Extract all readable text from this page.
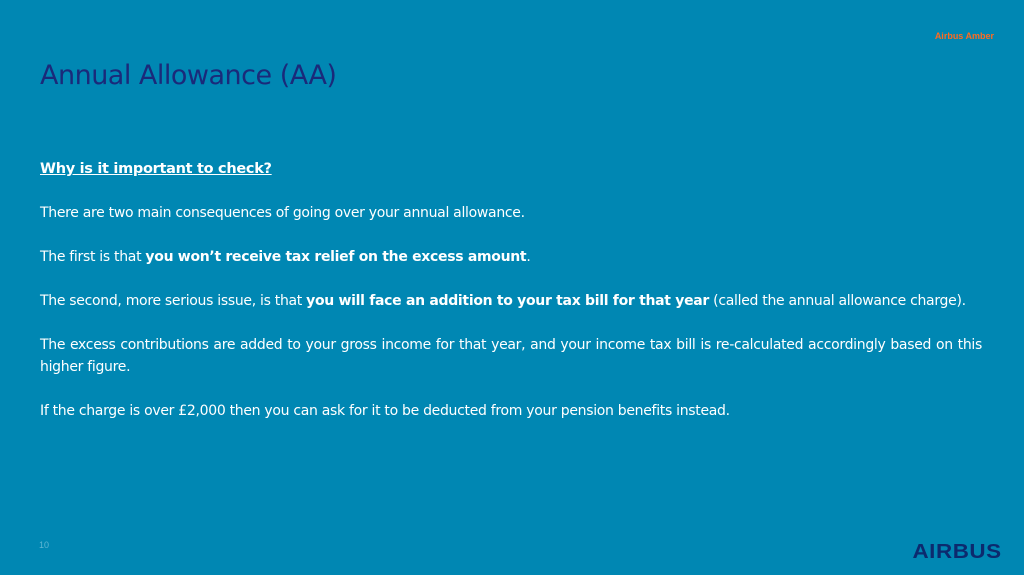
Airbus Amber
Annual Allowance (AA)

Why is it important to check?

There are two main consequences of going over your annual allowance.

The first is that you won’t receive tax relief on the excess amount.

The second, more serious issue, is that you will face an addition to your tax bill for that year (called the annual allowance charge).

The excess contributions are added to your gross income for that year, and your income tax bill is re-calculated accordingly based on this higher figure.

If the charge is over £2,000 then you can ask for it to be deducted from your pension benefits instead.

10	AIRBUS
